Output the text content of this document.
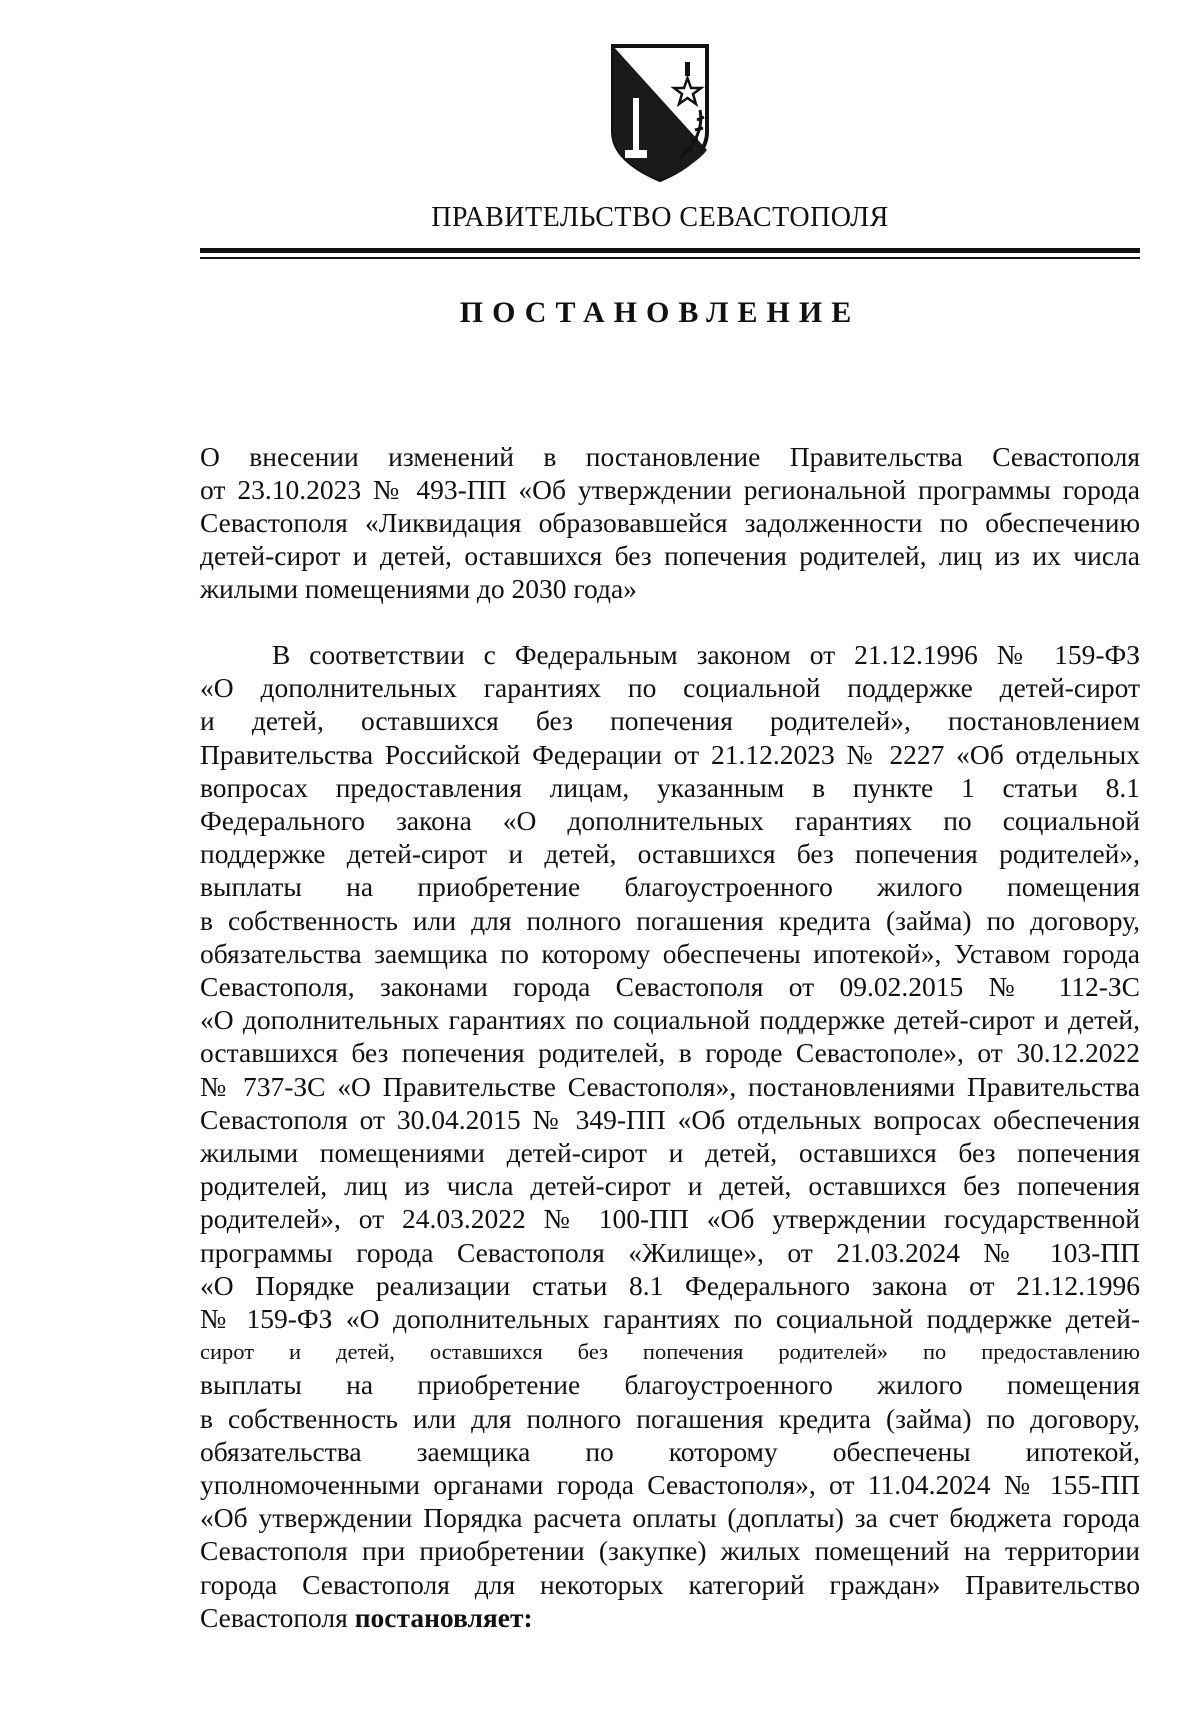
ПРАВИТЕЛЬСТВО СЕВАСТОПОЛЯ
ПОСТАНОВЛЕНИЕ
О внесении изменений в постановление Правительства Севастополя
от 23.10.2023 № 493-ПП «Об утверждении региональной программы города
Севастополя «Ликвидация образовавшейся задолженности по обеспечению
детей-сирот и детей, оставшихся без попечения родителей, лиц из их числа
жилыми помещениями до 2030 года»
В соответствии с Федеральным законом от 21.12.1996 № 159-ФЗ
«О дополнительных гарантиях по социальной поддержке детей-сирот
и детей, оставшихся без попечения родителей», постановлением
Правительства Российской Федерации от 21.12.2023 № 2227 «Об отдельных
вопросах предоставления лицам, указанным в пункте 1 статьи 8.1
Федерального закона «О дополнительных гарантиях по социальной
поддержке детей-сирот и детей, оставшихся без попечения родителей»,
выплаты на приобретение благоустроенного жилого помещения
в собственность или для полного погашения кредита (займа) по договору,
обязательства заемщика по которому обеспечены ипотекой», Уставом города
Севастополя, законами города Севастополя от 09.02.2015 № 112-ЗС
«О дополнительных гарантиях по социальной поддержке детей-сирот и детей,
оставшихся без попечения родителей, в городе Севастополе», от 30.12.2022
№ 737-ЗС «О Правительстве Севастополя», постановлениями Правительства
Севастополя от 30.04.2015 № 349-ПП «Об отдельных вопросах обеспечения
жилыми помещениями детей-сирот и детей, оставшихся без попечения
родителей, лиц из числа детей-сирот и детей, оставшихся без попечения
родителей», от 24.03.2022 № 100-ПП «Об утверждении государственной
программы города Севастополя «Жилище», от 21.03.2024 № 103-ПП
«О Порядке реализации статьи 8.1 Федерального закона от 21.12.1996
№ 159-ФЗ «О дополнительных гарантиях по социальной поддержке детей-
сирот и детей, оставшихся без попечения родителей» по предоставлению
выплаты на приобретение благоустроенного жилого помещения
в собственность или для полного погашения кредита (займа) по договору,
обязательства заемщика по которому обеспечены ипотекой,
уполномоченными органами города Севастополя», от 11.04.2024 № 155-ПП
«Об утверждении Порядка расчета оплаты (доплаты) за счет бюджета города
Севастополя при приобретении (закупке) жилых помещений на территории
города Севастополя для некоторых категорий граждан» Правительство
Севастополя постановляет:
